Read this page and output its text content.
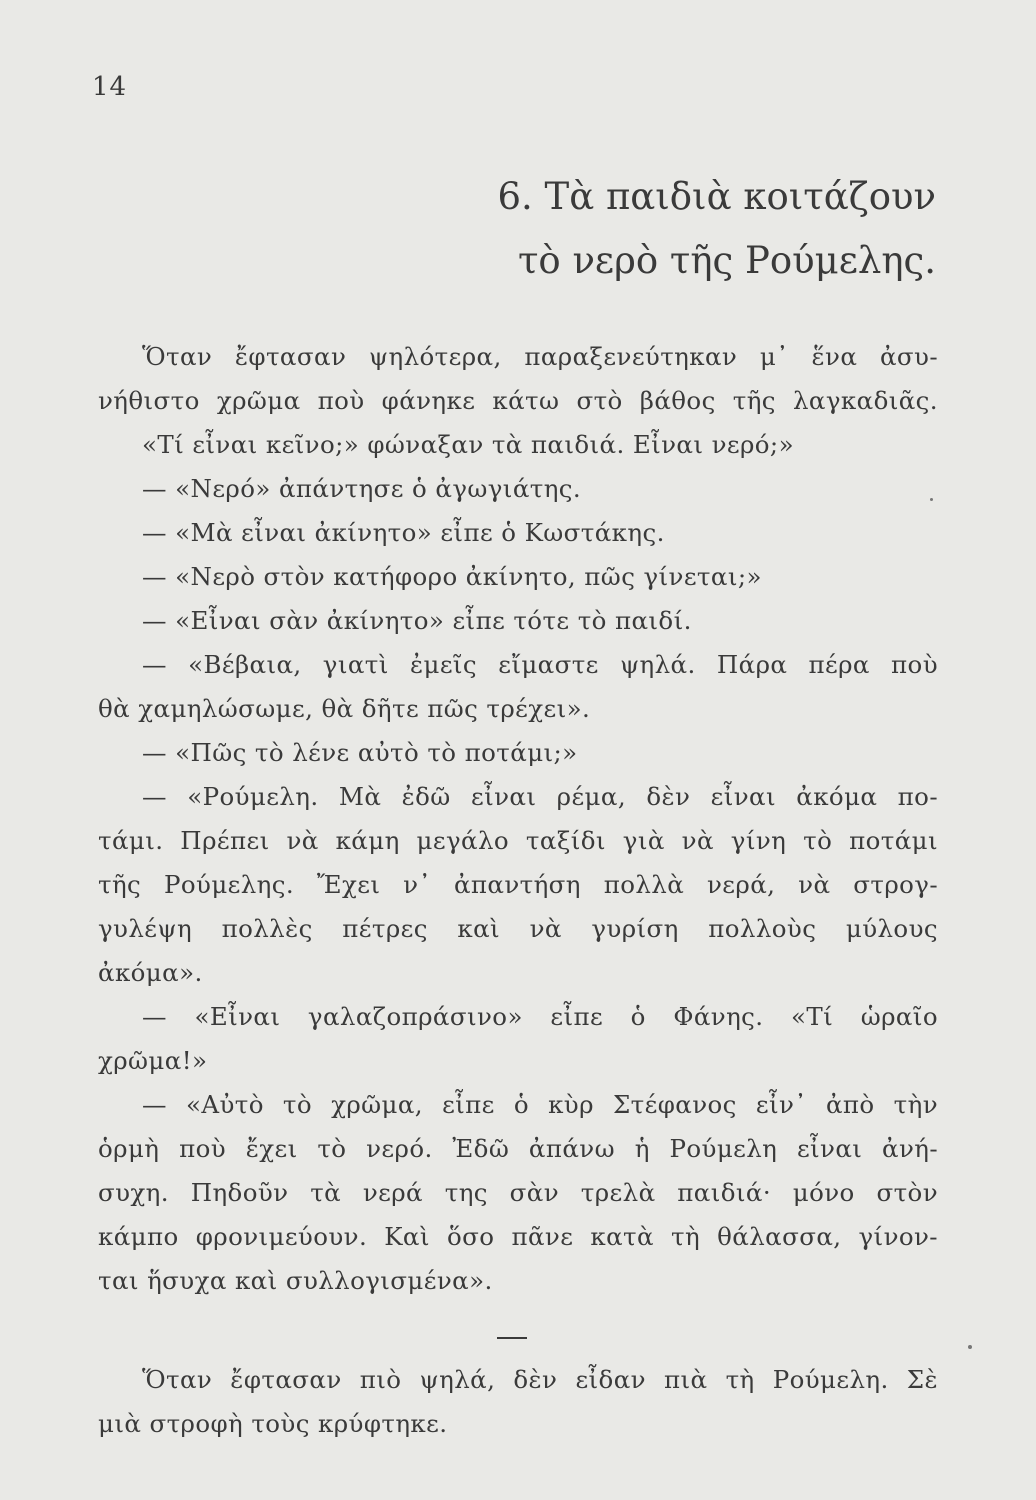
14
6. Τὰ παιδιὰ κοιτάζουν
τὸ νερὸ τῆς Ρούμελης.
Ὅταν ἔφτασαν ψηλότερα, παραξενεύτηκαν μ᾽ ἕνα ἀσυ-
νήθιστο χρῶμα ποὺ φάνηκε κάτω στὸ βάθος τῆς λαγκαδιᾶς.
«Τί εἶναι κεῖνο;» φώναξαν τὰ παιδιά. Εἶναι νερό;»
— «Νερό» ἀπάντησε ὁ ἀγωγιάτης.
— «Μὰ εἶναι ἀκίνητο» εἶπε ὁ Κωστάκης.
— «Νερὸ στὸν κατήφορο ἀκίνητο, πῶς γίνεται;»
— «Εἶναι σὰν ἀκίνητο» εἶπε τότε τὸ παιδί.
— «Βέβαια, γιατὶ ἐμεῖς εἴμαστε ψηλά. Πάρα πέρα ποὺ
θὰ χαμηλώσωμε, θὰ δῆτε πῶς τρέχει».
— «Πῶς τὸ λένε αὐτὸ τὸ ποτάμι;»
— «Ρούμελη. Μὰ ἐδῶ εἶναι ρέμα, δὲν εἶναι ἀκόμα πο-
τάμι. Πρέπει νὰ κάμη μεγάλο ταξίδι γιὰ νὰ γίνη τὸ ποτάμι
τῆς Ρούμελης. Ἔχει ν᾽ ἀπαντήση πολλὰ νερά, νὰ στρογ-
γυλέψη πολλὲς πέτρες καὶ νὰ γυρίση πολλοὺς μύλους
ἀκόμα».
— «Εἶναι γαλαζοπράσινο» εἶπε ὁ Φάνης. «Τί ὡραῖο
χρῶμα!»
— «Αὐτὸ τὸ χρῶμα, εἶπε ὁ κὺρ Στέφανος εἶν᾽ ἀπὸ τὴν
ὁρμὴ ποὺ ἔχει τὸ νερό. Ἐδῶ ἀπάνω ἡ Ρούμελη εἶναι ἀνή-
συχη. Πηδοῦν τὰ νερά της σὰν τρελὰ παιδιά· μόνο στὸν
κάμπο φρονιμεύουν. Καὶ ὅσο πᾶνε κατὰ τὴ θάλασσα, γίνον-
ται ἥσυχα καὶ συλλογισμένα».
Ὅταν ἔφτασαν πιὸ ψηλά, δὲν εἶδαν πιὰ τὴ Ρούμελη. Σὲ
μιὰ στροφὴ τοὺς κρύφτηκε.
